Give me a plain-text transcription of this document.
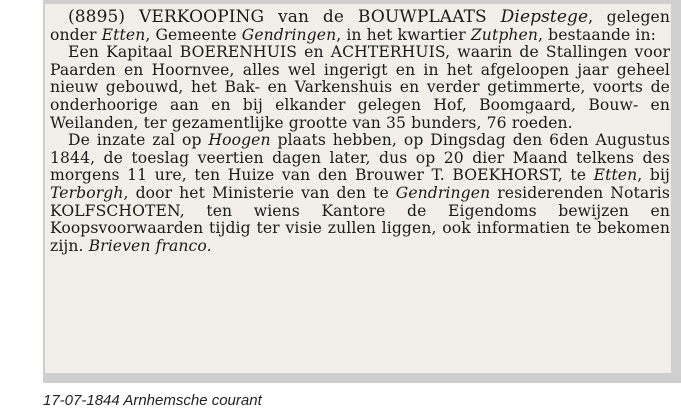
(8895) VERKOOPING van de BOUWPLAATS Diepstege, gelegen onder Etten, Gemeente Gendringen, in het kwartier Zutphen, bestaande in:

Een Kapitaal BOERENHUIS en ACHTERHUIS, waarin de Stallingen voor Paarden en Hoornvee, alles wel ingerigt en in het afgeloopen jaar geheel nieuw gebouwd, het Bak- en Varkenshuis en verder getimmerte, voorts de onderhoorige aan en bij elkander gelegen Hof, Boomgaard, Bouw- en Weilanden, ter gezamentlijke grootte van 35 bunders, 76 roeden.

De inzate zal op Hoogen plaats hebben, op Dingsdag den 6den Augustus 1844, de toeslag veertien dagen later, dus op 20 dier Maand telkens des morgens 11 ure, ten Huize van den Brouwer T. BOEKHORST, te Etten, bij Terborgh, door het Ministerie van den te Gendringen residerenden Notaris KOLFSCHOTEN, ten wiens Kantore de Eigendoms bewijzen en Koopsvoorwaarden tijdig ter visie zullen liggen, ook informatien te bekomen zijn. Brieven franco.

17-07-1844 Arnhemsche courant
